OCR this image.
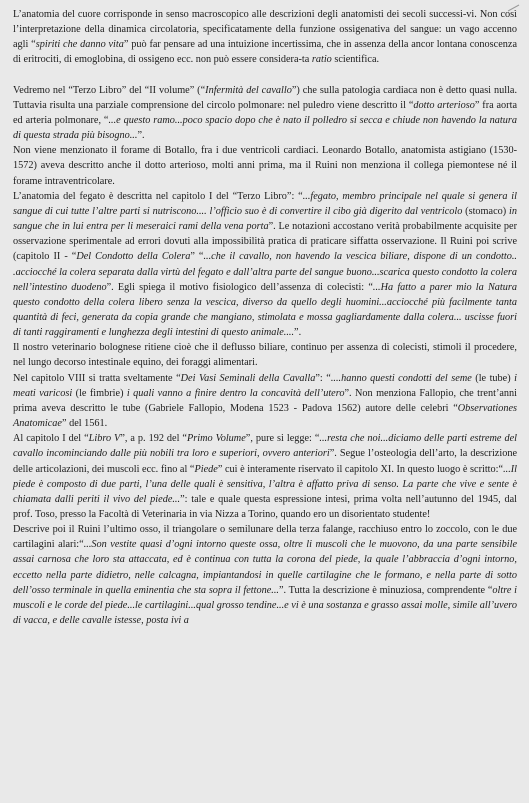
L’anatomia del cuore corrisponde in senso macroscopico alle descrizioni degli anatomisti dei secoli successi-vi. Non così l’interpretazione della dinamica circolatoria, specificatamente della funzione ossigenativa del sangue: un vago accenno agli “spiriti che danno vita” può far pensare ad una intuizione incertissima, che in assenza della ancor lontana conoscenza di eritrociti, di emoglobina, di ossigeno ecc. non può essere considera-ta ratio scientifica.

Vedremo nel “Terzo Libro” del “II volume” (“Infermità del cavallo”) che sulla patologia cardiaca non è detto quasi nulla. Tuttavia risulta una parziale comprensione del circolo polmonare: nel puledro viene descritto il “dotto arterioso” fra aorta ed arteria polmonare, “...e questo ramo...poco spacio dopo che è nato il polledro si secca e chiude non havendo la natura di questa strada più bisogno...”.

Non viene menzionato il forame di Botallo, fra i due ventricoli cardiaci. Leonardo Botallo, anatomista astigiano (1530-1572) aveva descritto anche il dotto arterioso, molti anni prima, ma il Ruini non menziona il collega piemontese né il forame intraventricolare.

L’anatomia del fegato è descritta nel capitolo I del “Terzo Libro”: “...fegato, membro principale nel quale si genera il sangue di cui tutte l’altre parti si nutriscono.... l’officio suo è di convertire il cibo già digerito dal ventricolo (stomaco) in sangue che in lui entra per li meseraici rami della vena porta”. Le notazioni accostano verità probabilmente acquisite per osservazione sperimentale ad errori dovuti alla impossibilità pratica di praticare siffatta osservazione. Il Ruini poi scrive (capitolo II - “Del Condotto della Colera” “...che il cavallo, non havendo la vescica biliare, dispone di un condotto.. .acciocché la colera separata dalla virtù del fegato e dall’altra parte del sangue buono...scarica questo condotto la colera nell’intestino duodeno”. Egli spiega il motivo fisiologico dell’assenza di colecisti: “...Ha fatto a parer mio la Natura questo condotto della colera libero senza la vescica, diverso da quello degli huomini...acciocché più facilmente tanta quantità di feci, generata da copia grande che mangiano, stimolata e mossa gagliardamente dalla colera... uscisse fuori di tanti raggiramenti e lunghezza degli intestini di questo animale....”.

Il nostro veterinario bolognese ritiene cioè che il deflusso biliare, continuo per assenza di colecisti, stimoli il procedere, nel lungo decorso intestinale equino, dei foraggi alimentari.

Nel capitolo VIII si tratta sveltamente “Dei Vasi Seminali della Cavalla”: “....hanno questi condotti del seme (le tube) i meati varicosi (le fimbrie) i quali vanno a finire dentro la concavità dell’utero”. Non menziona Fallopio, che trent’anni prima aveva descritto le tube (Gabriele Fallopio, Modena 1523 - Padova 1562) autore delle celebri “Observationes Anatomicae” del 1561.

Al capitolo I del “Libro V”, a p. 192 del “Primo Volume”, pure si legge: “...resta che noi...diciamo delle parti estreme del cavallo incominciando dalle più nobili tra loro e superiori, ovvero anteriori”. Segue l’osteologia dell’arto, la descrizione delle articolazioni, dei muscoli ecc. fino al “Piede” cui è interamente riservato il capitolo XI. In questo luogo è scritto:“...Il piede è composto di due parti, l’una delle quali è sensitiva, l’altra è affatto priva di senso. La parte che vive e sente è chiamata dalli periti il vivo del piede...”: tale e quale questa espressione intesi, prima volta nell’autunno del 1945, dal prof. Toso, presso la Facoltà di Veterinaria in via Nizza a Torino, quando ero un disorientato studente!

Descrive poi il Ruini l’ultimo osso, il triangolare o semilunare della terza falange, racchiuso entro lo zoccolo, con le due cartilagini alari:“...Son vestite quasi d’ogni intorno queste ossa, oltre li muscoli che le muovono, da una parte sensibile assai carnosa che loro sta attaccata, ed è continua con tutta la corona del piede, la quale l’abbraccia d’ogni intorno, eccetto nella parte didietro, nelle calcagna, impiantandosi in quelle cartilagine che le formano, e nella parte di sotto dell’osso terminale in quella eminentia che sta sopra il fettone...”. Tutta la descrizione è minuziosa, comprendente “oltre i muscoli e le corde del piede...le cartilagini...qual grosso tendine...e vi è una sostanza e grasso assai molle, simile all’uvero di vacca, e delle cavalle istesse, posta ivi a
